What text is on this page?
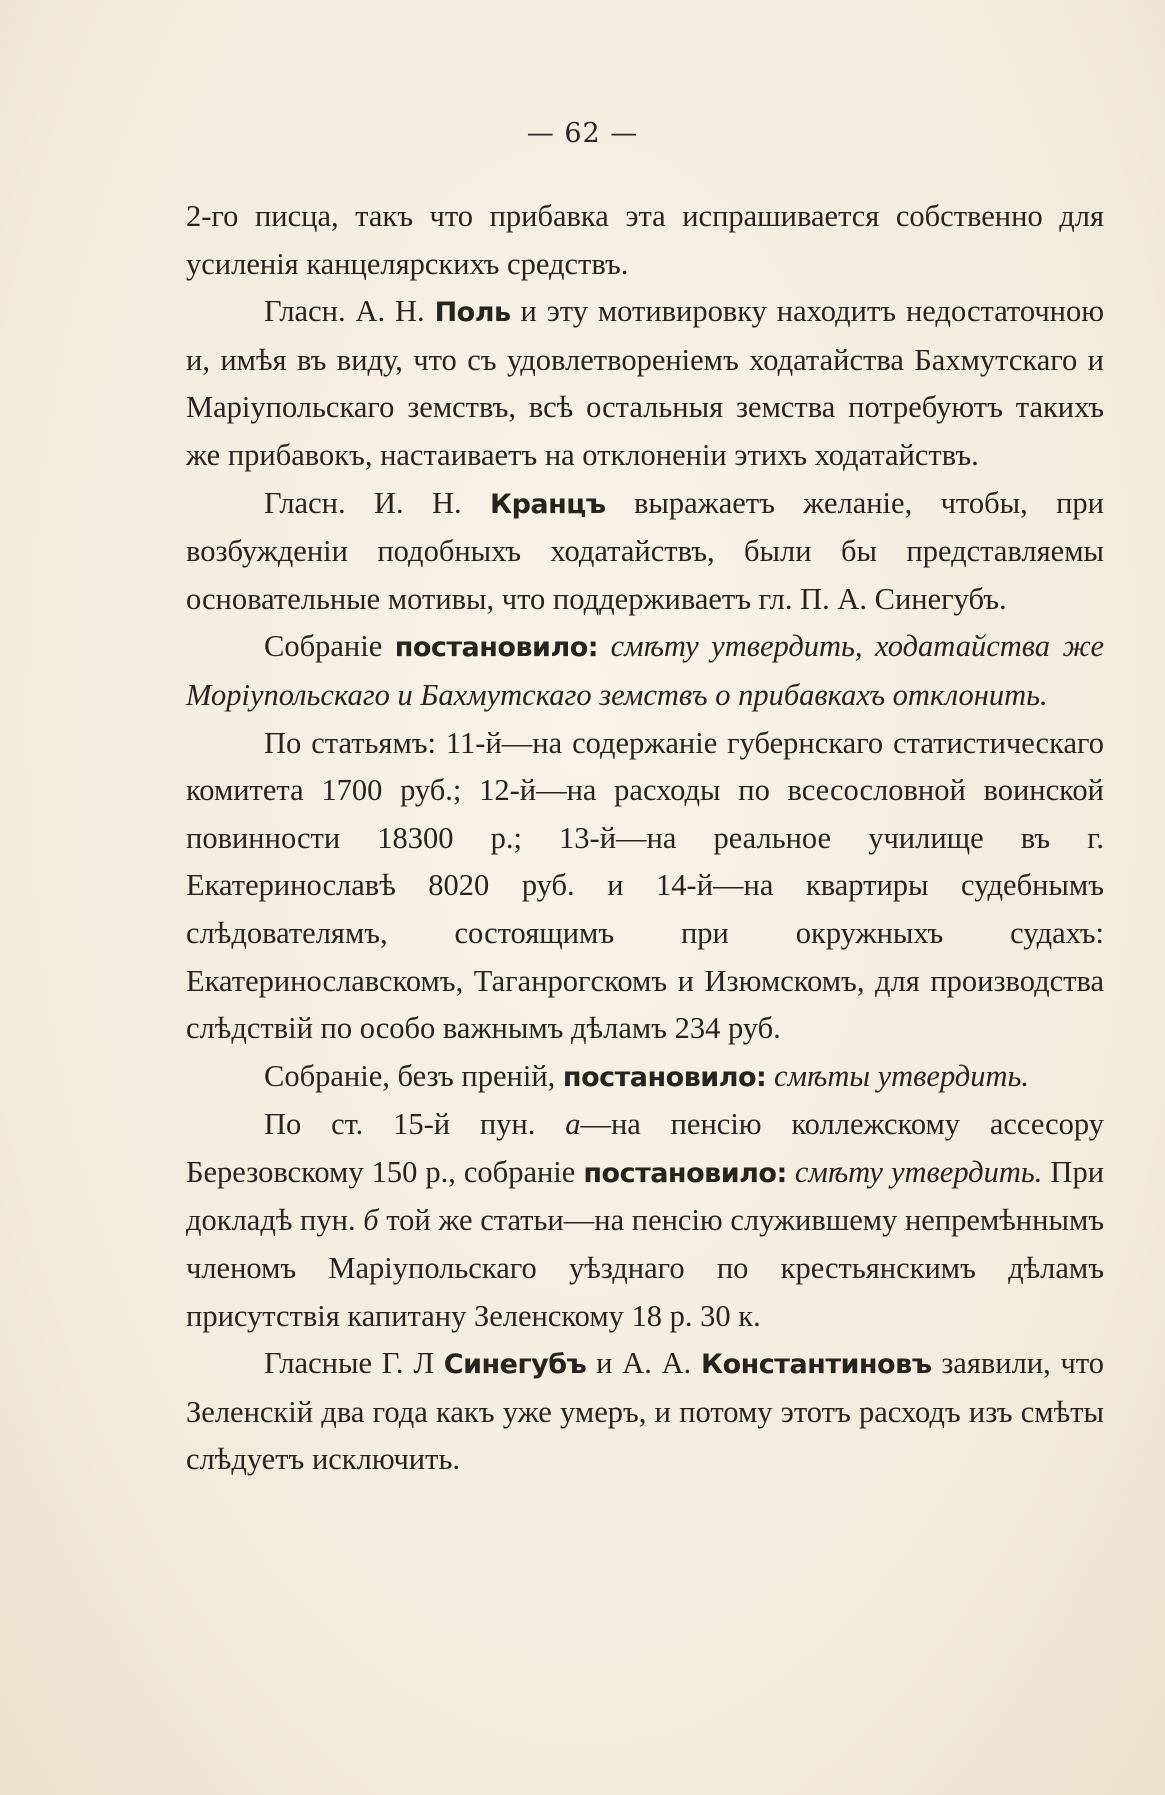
— 62 —

2-го писца, такъ что прибавка эта испрашивается собственно для усиленія канцелярскихъ средствъ.

Гласн. А. Н. Поль и эту мотивировку находитъ недостаточною и, имѣя въ виду, что съ удовлетвореніемъ ходатайства Бахмутскаго и Маріупольскаго земствъ, всѣ остальныя земства потребуютъ такихъ же прибавокъ, настаиваетъ на отклоненіи этихъ ходатайствъ.

Гласн. И. Н. Кранцъ выражаетъ желаніе, чтобы, при возбужденіи подобныхъ ходатайствъ, были бы представляемы основательные мотивы, что поддерживаетъ гл. П. А. Синегубъ.

Собраніе постановило: смѣту утвердить, ходатайства же Моріупольскаго и Бахмутскаго земствъ о прибавкахъ отклонить.

По статьямъ: 11-й—на содержаніе губернскаго статистическаго комитета 1700 руб.; 12-й—на расходы по всесословной воинской повинности 18300 р.; 13-й—на реальное училище въ г. Екатеринославѣ 8020 руб. и 14-й—на квартиры судебнымъ слѣдователямъ, состоящимъ при окружныхъ судахъ: Екатеринославскомъ, Таганрогскомъ и Изюмскомъ, для производства слѣдствій по особо важнымъ дѣламъ 234 руб.

Собраніе, безъ преній, постановило: смѣты утвердить.

По ст. 15-й пун. а—на пенсію коллежскому ассесору Березовскому 150 р., собраніе постановило: смѣту утвердить. При докладѣ пун. б той же статьи—на пенсію служившему непремѣннымъ членомъ Маріупольскаго уѣзднаго по крестьянскимъ дѣламъ присутствія капитану Зеленскому 18 р. 30 к.

Гласные Г. Л Синегубъ и А. А. Константиновъ заявили, что Зеленскій два года какъ уже умеръ, и потому этотъ расходъ изъ смѣты слѣдуетъ исключить.
